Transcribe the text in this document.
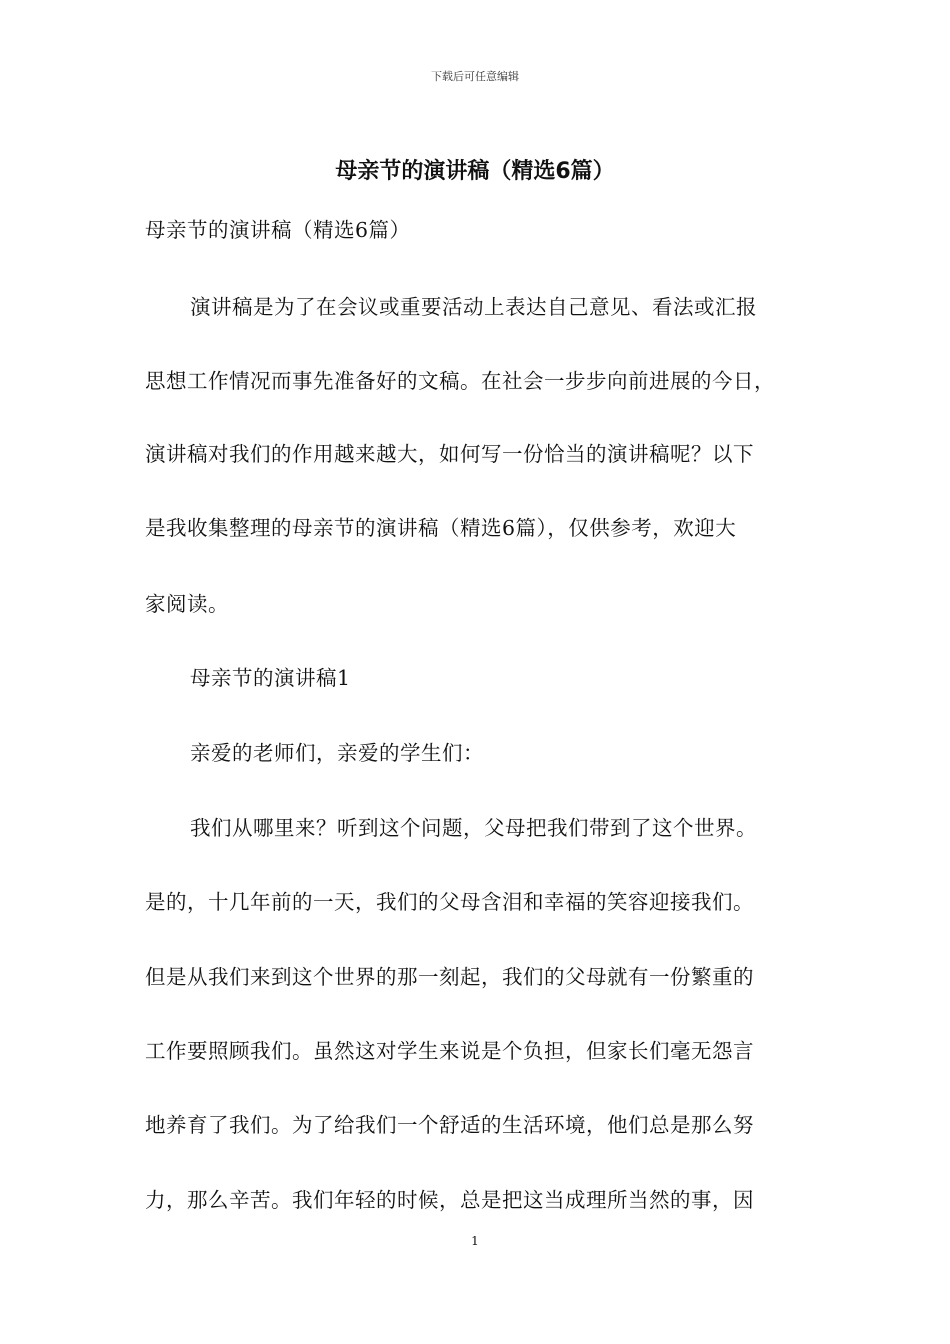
下载后可任意编辑
母亲节的演讲稿（精选6篇）
母亲节的演讲稿（精选6篇）
演讲稿是为了在会议或重要活动上表达自己意见、看法或汇报
思想工作情况而事先准备好的文稿。在社会一步步向前进展的今日，
演讲稿对我们的作用越来越大，如何写一份恰当的演讲稿呢？以下
是我收集整理的母亲节的演讲稿（精选6篇），仅供参考，欢迎大
家阅读。
母亲节的演讲稿1
亲爱的老师们，亲爱的学生们：
我们从哪里来？听到这个问题，父母把我们带到了这个世界。
是的，十几年前的一天，我们的父母含泪和幸福的笑容迎接我们。
但是从我们来到这个世界的那一刻起，我们的父母就有一份繁重的
工作要照顾我们。虽然这对学生来说是个负担，但家长们毫无怨言
地养育了我们。为了给我们一个舒适的生活环境，他们总是那么努
力，那么辛苦。我们年轻的时候，总是把这当成理所当然的事，因
1
